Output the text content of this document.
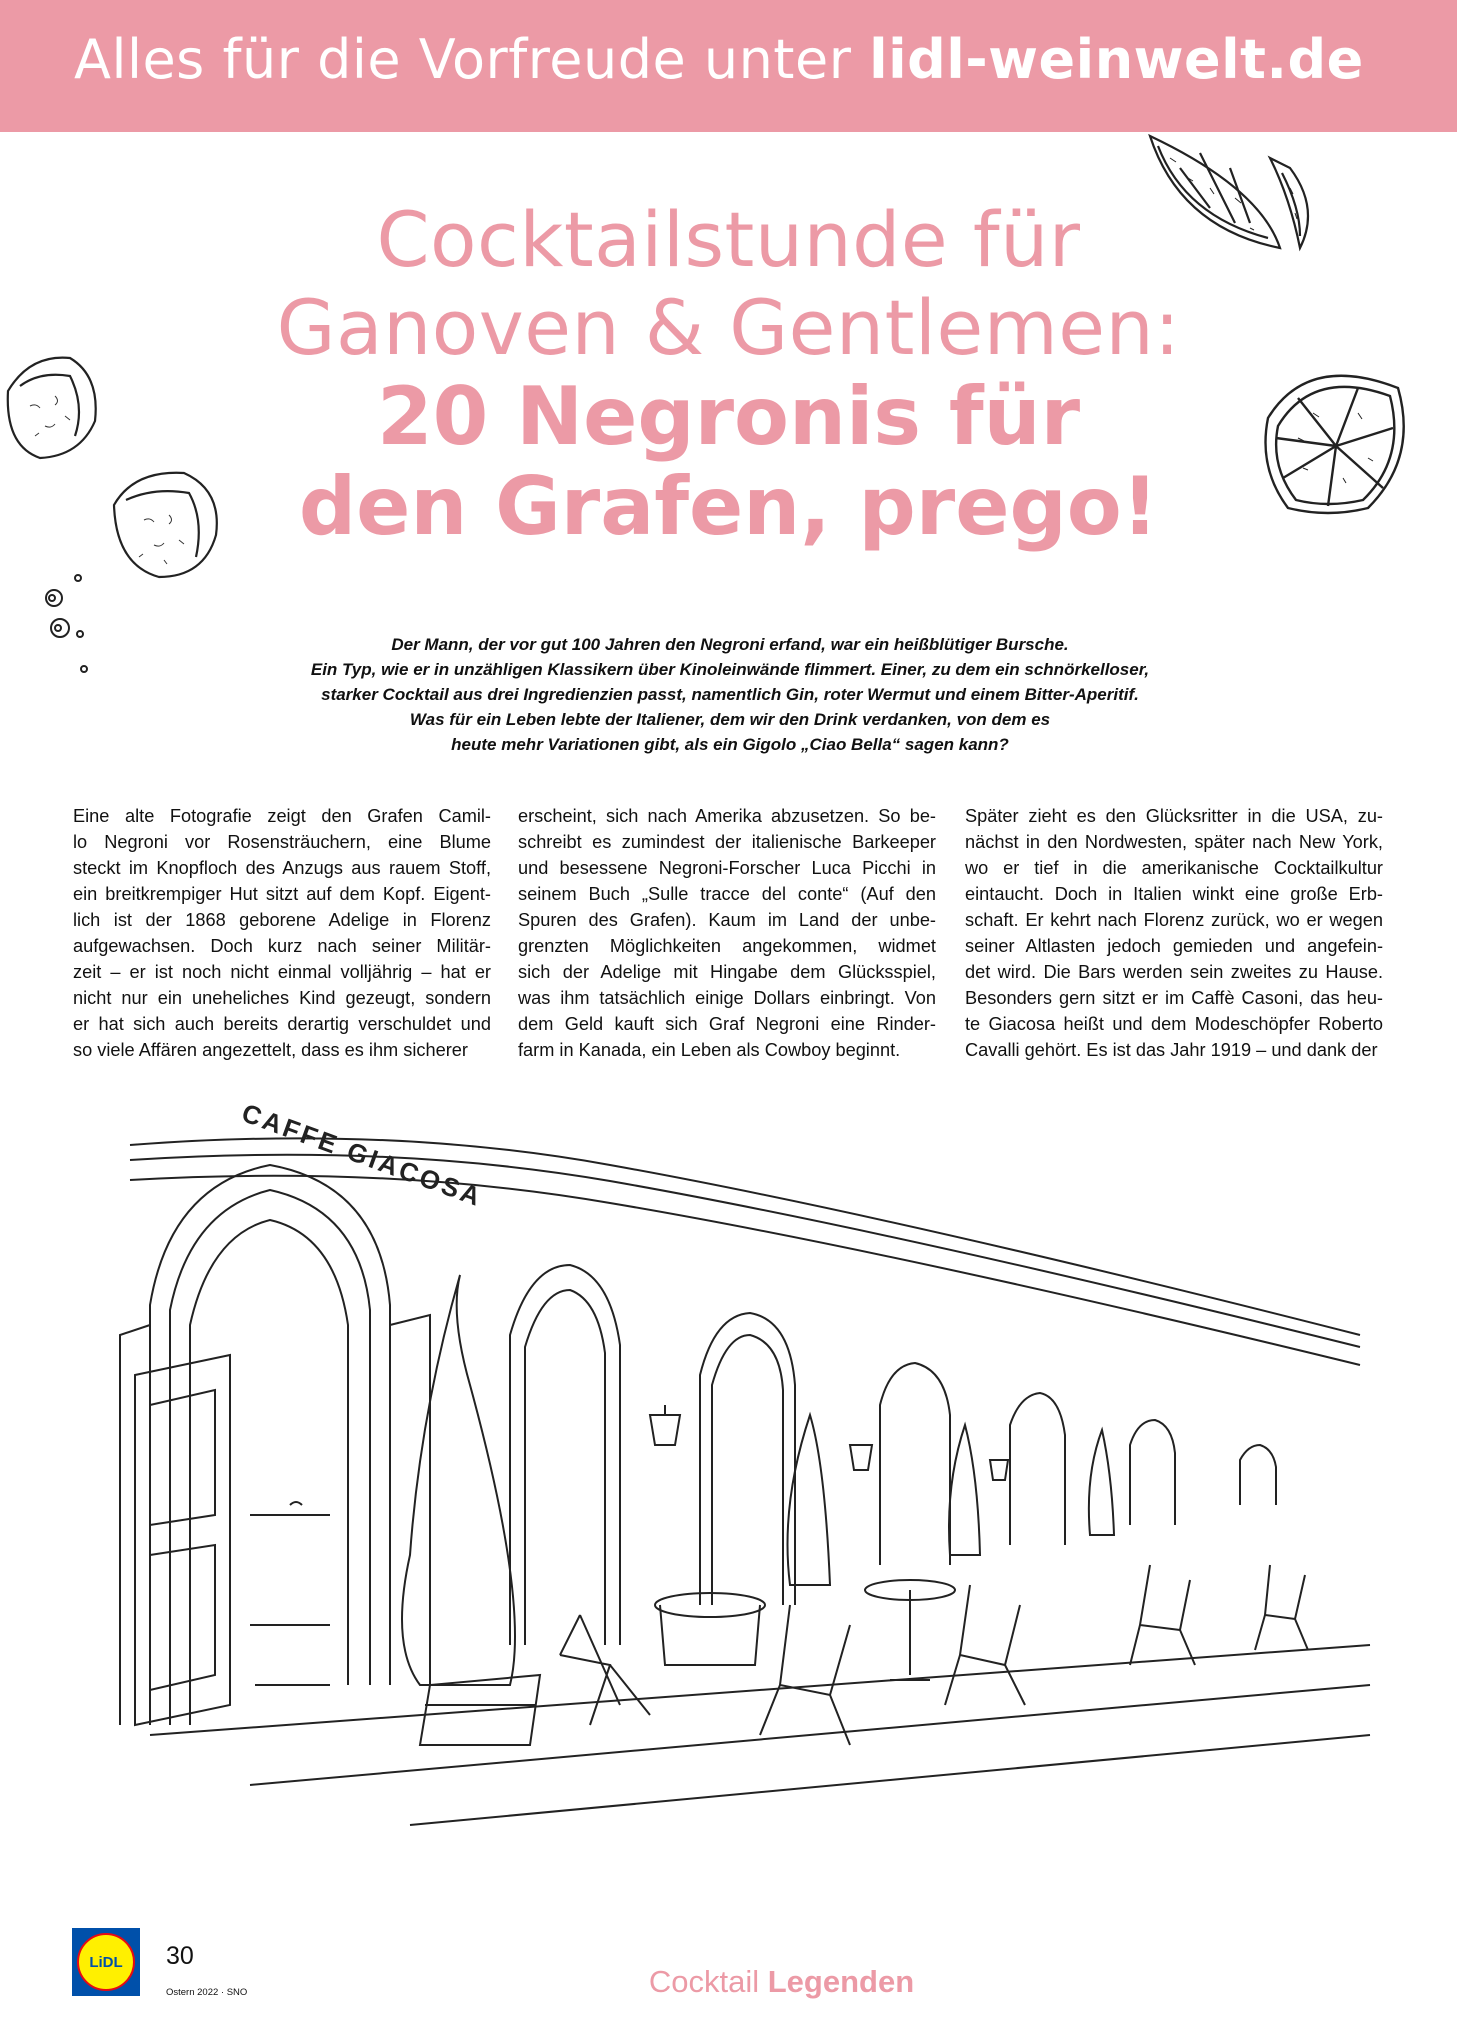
Alles für die Vorfreude unter lidl-weinwelt.de
Cocktailstunde für
Ganoven & Gentlemen:
20 Negronis für
den Grafen, prego!
Der Mann, der vor gut 100 Jahren den Negroni erfand, war ein heißblütiger Bursche.
Ein Typ, wie er in unzähligen Klassikern über Kinoleinwände flimmert. Einer, zu dem ein schnörkelloser,
starker Cocktail aus drei Ingredienzien passt, namentlich Gin, roter Wermut und einem Bitter-Aperitif.
Was für ein Leben lebte der Italiener, dem wir den Drink verdanken, von dem es
heute mehr Variationen gibt, als ein Gigolo „Ciao Bella“ sagen kann?
Eine alte Fotografie zeigt den Grafen Camil-
lo Negroni vor Rosensträuchern, eine Blume
steckt im Knopfloch des Anzugs aus rauem Stoff,
ein breitkrempiger Hut sitzt auf dem Kopf. Eigent-
lich ist der 1868 geborene Adelige in Florenz
aufgewachsen. Doch kurz nach seiner Militär-
zeit – er ist noch nicht einmal volljährig – hat er
nicht nur ein uneheliches Kind gezeugt, sondern
er hat sich auch bereits derartig verschuldet und
so viele Affären angezettelt, dass es ihm sicherer
erscheint, sich nach Amerika abzusetzen. So be-
schreibt es zumindest der italienische Barkeeper
und besessene Negroni-Forscher Luca Picchi in
seinem Buch „Sulle tracce del conte“ (Auf den
Spuren des Grafen). Kaum im Land der unbe-
grenzten Möglichkeiten angekommen, widmet
sich der Adelige mit Hingabe dem Glücksspiel,
was ihm tatsächlich einige Dollars einbringt. Von
dem Geld kauft sich Graf Negroni eine Rinder-
farm in Kanada, ein Leben als Cowboy beginnt.
Später zieht es den Glücksritter in die USA, zu-
nächst in den Nordwesten, später nach New York,
wo er tief in die amerikanische Cocktailkultur
eintaucht. Doch in Italien winkt eine große Erb-
schaft. Er kehrt nach Florenz zurück, wo er wegen
seiner Altlasten jedoch gemieden und angefein-
det wird. Die Bars werden sein zweites zu Hause.
Besonders gern sitzt er im Caffè Casoni, das heu-
te Giacosa heißt und dem Modeschöpfer Roberto
Cavalli gehört. Es ist das Jahr 1919 – und dank der
CAFFE GIACOSA
LiDL 30
Ostern 2022 · SNO	Cocktail Legenden
